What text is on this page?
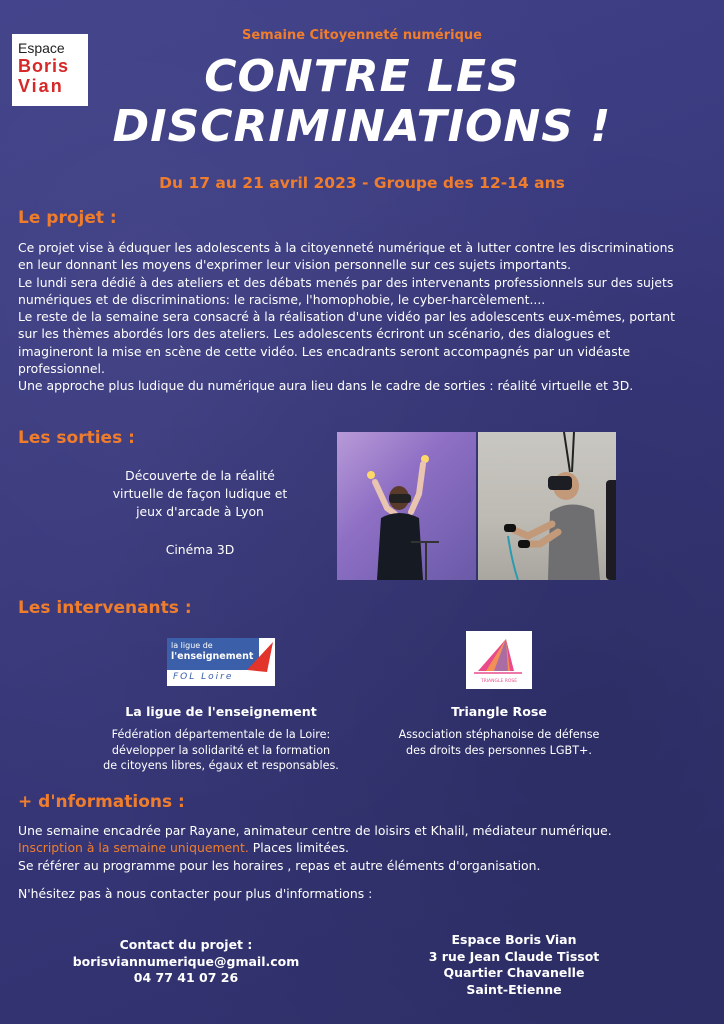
Espace
Boris
Vian
Semaine Citoyenneté numérique
CONTRE LES
DISCRIMINATIONS !
Du 17 au 21 avril 2023 - Groupe des 12-14 ans
Le projet :
Ce projet vise à éduquer les adolescents à la citoyenneté numérique et à lutter contre les discriminations
en leur donnant les moyens d'exprimer leur vision personnelle sur ces sujets importants.
Le lundi sera dédié à des ateliers et des débats menés par des intervenants professionnels sur des sujets
numériques et de discriminations: le racisme, l'homophobie, le cyber-harcèlement....
Le reste de la semaine sera consacré à la réalisation d'une vidéo par les adolescents eux-mêmes, portant
sur les thèmes abordés lors des ateliers. Les adolescents écriront un scénario, des dialogues et
imagineront la mise en scène de cette vidéo. Les encadrants seront accompagnés par un vidéaste
professionnel.
Une approche plus ludique du numérique aura lieu dans le cadre de sorties : réalité virtuelle et 3D.
Les sorties :
Découverte de la réalité
virtuelle de façon ludique et
jeux d'arcade à Lyon
Cinéma 3D
Les intervenants :
la ligue de
l'enseignement
FOL Loire
La ligue de l'enseignement
Fédération départementale de la Loire:
développer la solidarité et la formation
de citoyens libres, égaux et responsables.
TRIANGLE ROSE
Triangle Rose
Association stéphanoise de défense
des droits des personnes LGBT+.
+ d'nformations :
Une semaine encadrée par Rayane, animateur centre de loisirs et Khalil, médiateur numérique.
Inscription à la semaine uniquement. Places limitées.
Se référer au programme pour les horaires , repas et autre éléments d'organisation.
N'hésitez pas à nous contacter pour plus d'informations :
Contact du projet :
borisviannumerique@gmail.com
04 77 41 07 26
Espace Boris Vian
3 rue Jean Claude Tissot
Quartier Chavanelle
Saint-Etienne
